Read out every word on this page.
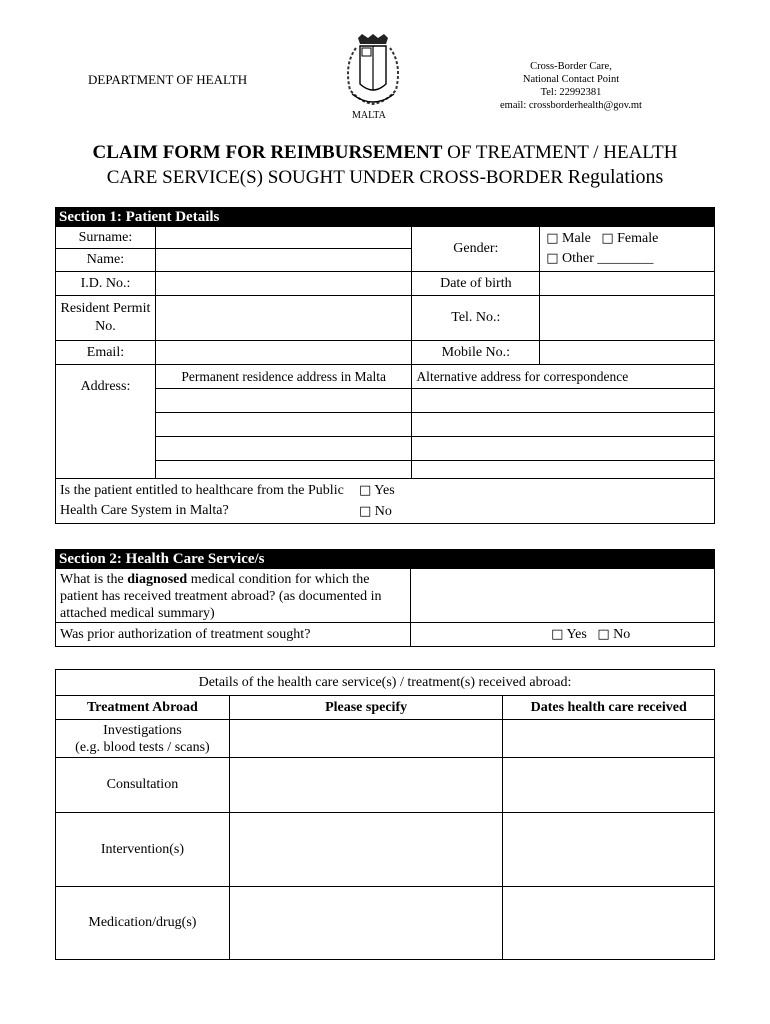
DEPARTMENT OF HEALTH
MALTA
Cross-Border Care,
National Contact Point
Tel: 22992381
email: crossborderhealth@gov.mt
CLAIM FORM FOR REIMBURSEMENT OF TREATMENT / HEALTH
CARE SERVICE(S) SOUGHT UNDER CROSS-BORDER Regulations
Section 1: Patient Details			
Surname:		Gender:	□ Male □ Female
□ Other ________
Name:			
I.D. No.:		Date of birth	
Resident Permit No.		Tel. No.:	
Email:		Mobile No.:	
Address:	Permanent residence address in Malta	Alternative address for correspondence	

Is the patient entitled to healthcare from the Public Health Care System in Malta?
□ Yes
□ No			
Section 2: Health Care Service/s	
What is the diagnosed medical condition for which the patient has received treatment abroad? (as documented in attached medical summary)	
Was prior authorization of treatment sought?	□ Yes □ No
Details of the health care service(s) / treatment(s) received abroad:		
Treatment Abroad	Please specify	Dates health care received
Investigations
(e.g. blood tests / scans)		
Consultation		
Intervention(s)		
Medication/drug(s)		
